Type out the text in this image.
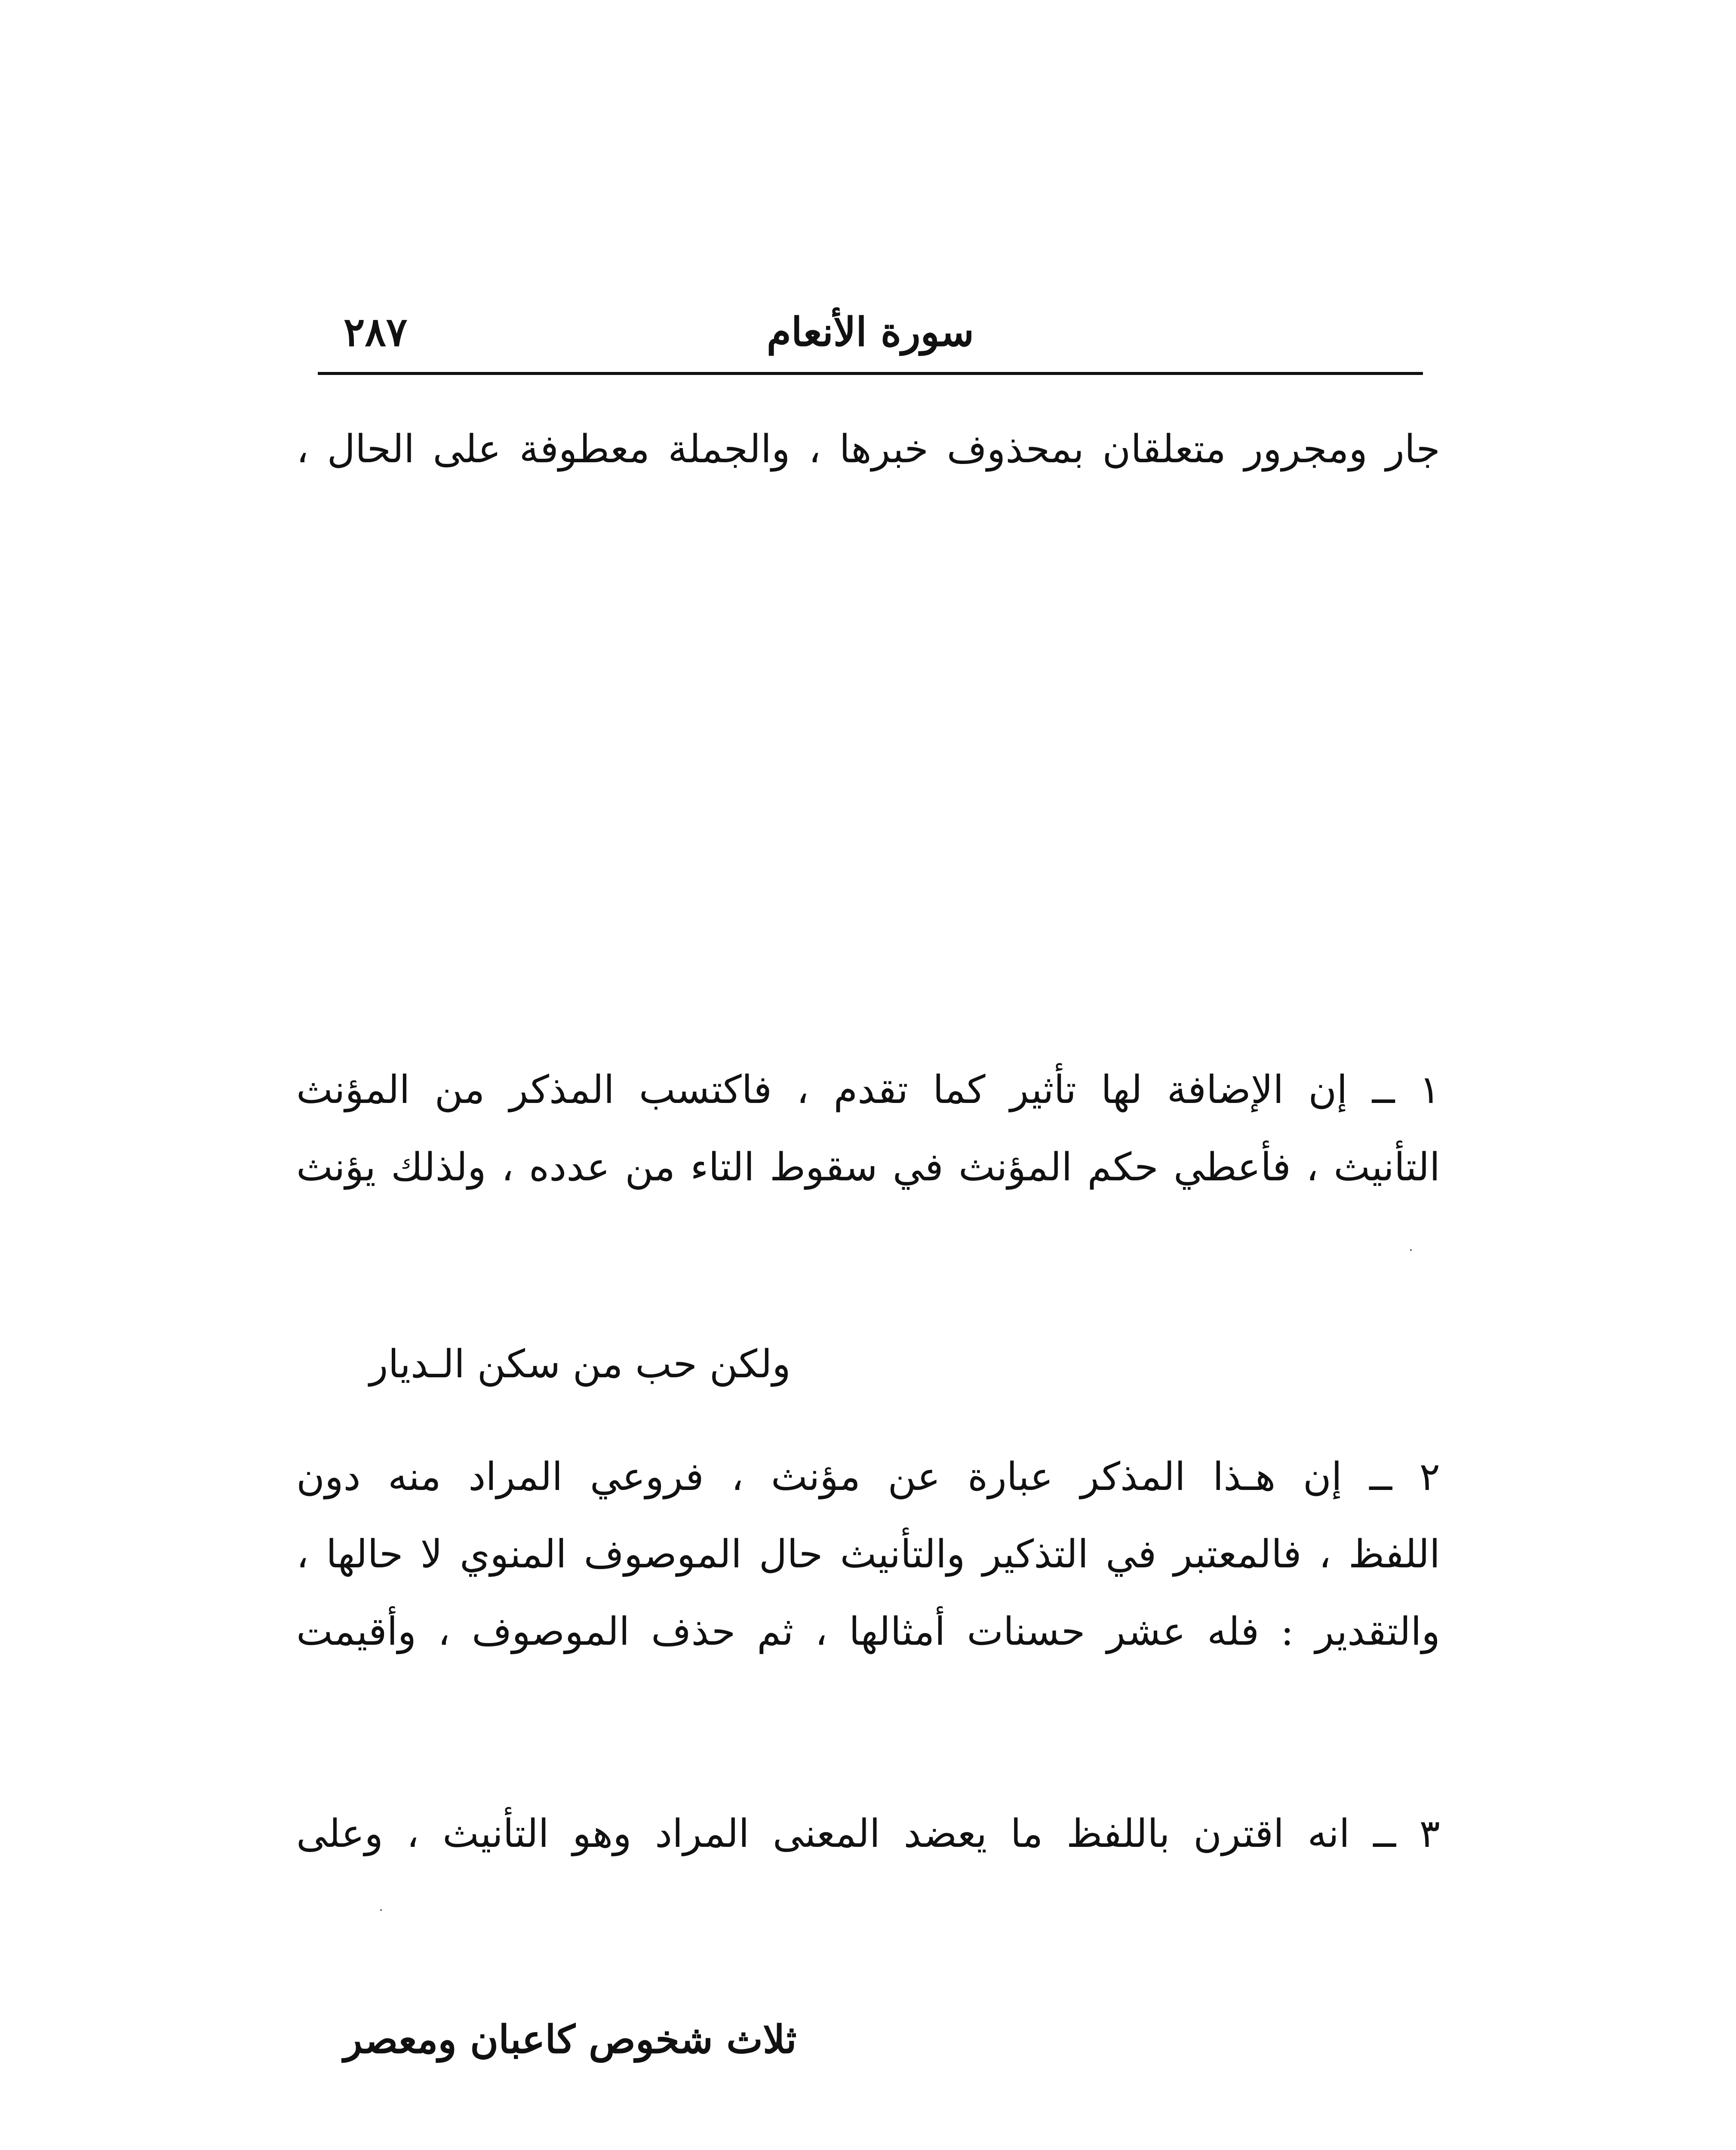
٢٨٧	سورة الأنعام
جار ومجرور متعلقان بمحذوف خبرها ، والجملة معطوفة على الحال ،
١ ــ إن الإضافة لها تأثير كما تقدم ، فاكتسب المذكر من المؤنث
التأنيث ، فأعطي حكم المؤنث في سقوط التاء من عدده ، ولذلك يؤنث
ولكن حب من سكن الـديار
٢ ــ إن هـذا المذكر عبارة عن مؤنث ، فروعي المراد منه دون
اللفظ ، فالمعتبر في التذكير والتأنيث حال الموصوف المنوي لا حالها ،
والتقدير : فله عشر حسنات أمثالها ، ثم حذف الموصوف ، وأقيمت
٣ ــ انه اقترن باللفظ ما يعضد المعنى المراد وهو التأنيث ، وعلى
ثلاث شخوص كاعبان ومعصر
